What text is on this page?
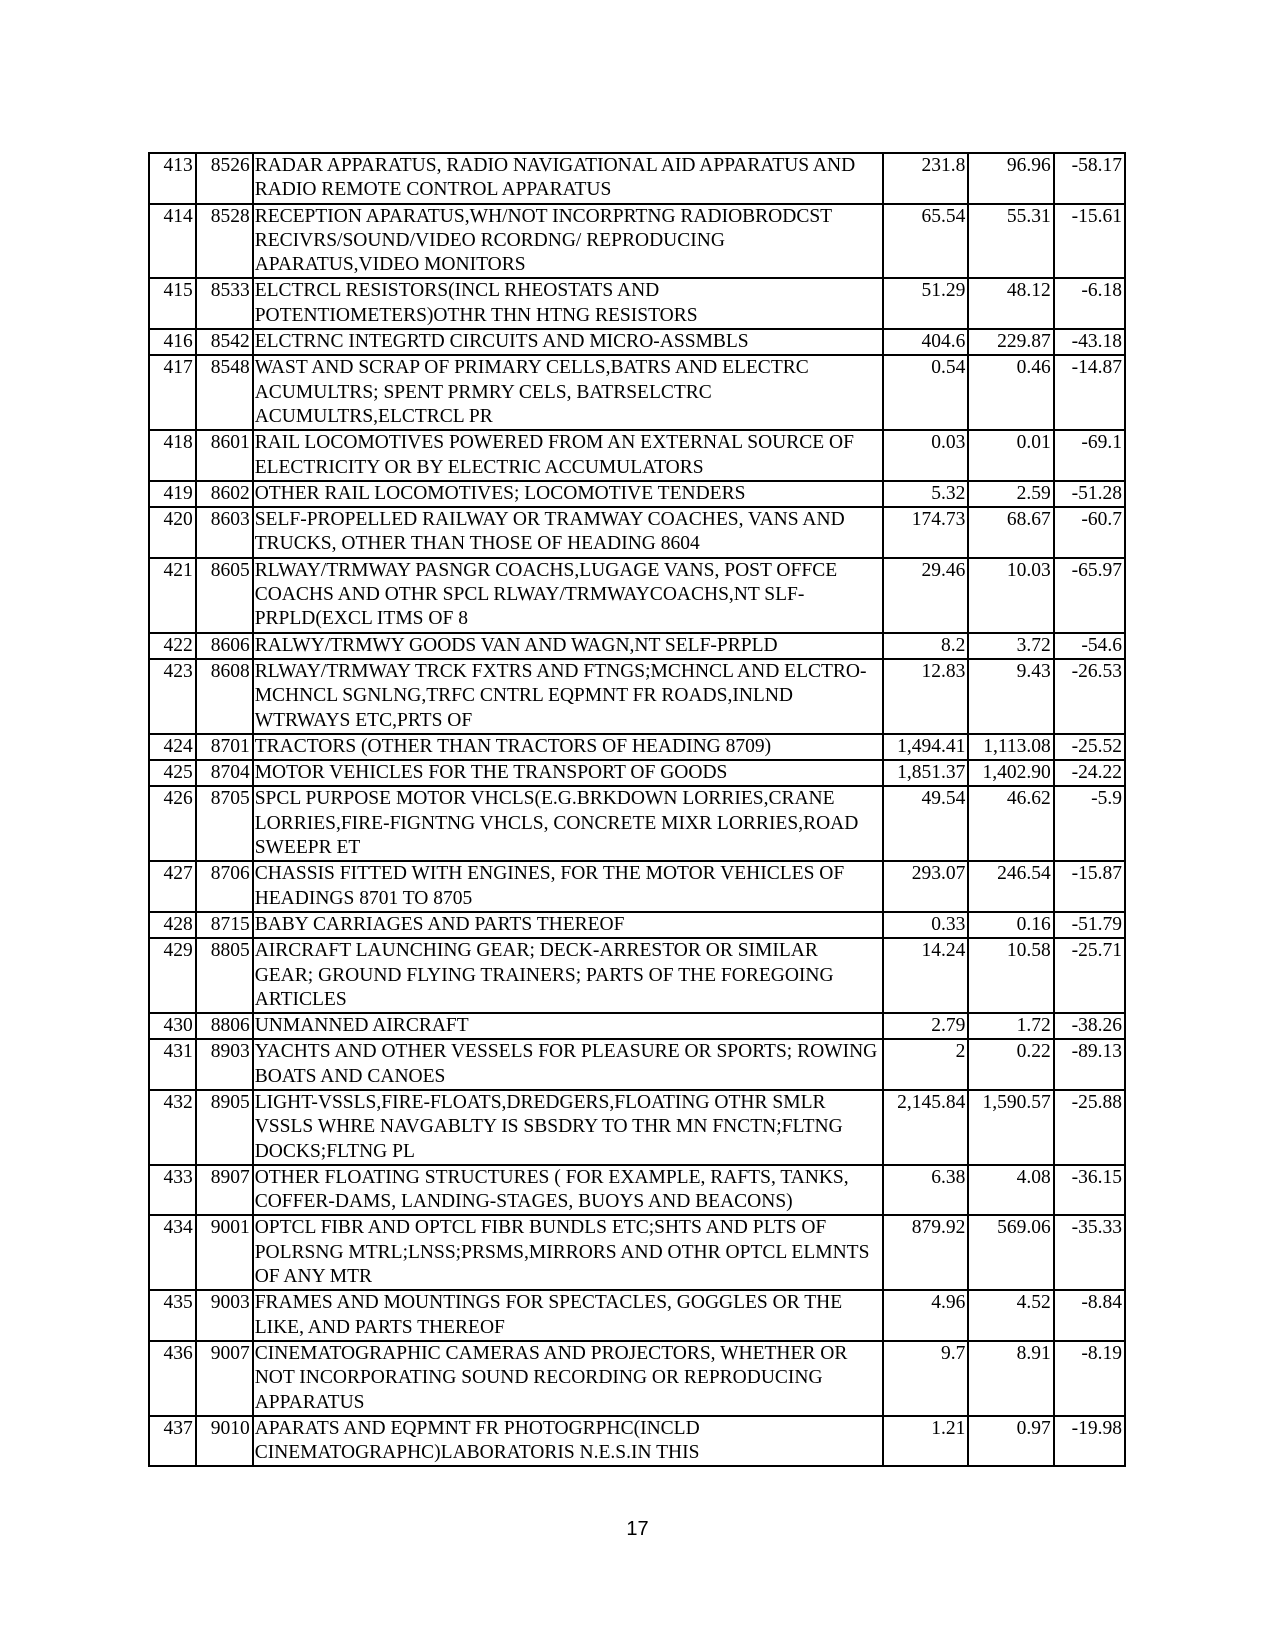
413	8526	RADAR APPARATUS, RADIO NAVIGATIONAL AID APPARATUS AND RADIO REMOTE CONTROL APPARATUS	231.8	96.96	-58.17
414	8528	RECEPTION APARATUS,WH/NOT INCORPRTNG RADIOBRODCST RECIVRS/SOUND/VIDEO RCORDNG/ REPRODUCING APARATUS,VIDEO MONITORS	65.54	55.31	-15.61
415	8533	ELCTRCL RESISTORS(INCL RHEOSTATS AND POTENTIOMETERS)OTHR THN HTNG RESISTORS	51.29	48.12	-6.18
416	8542	ELCTRNC INTEGRTD CIRCUITS AND MICRO-ASSMBLS	404.6	229.87	-43.18
417	8548	WAST AND SCRAP OF PRIMARY CELLS,BATRS AND ELECTRC ACUMULTRS; SPENT PRMRY CELS, BATRSELCTRC ACUMULTRS,ELCTRCL PR	0.54	0.46	-14.87
418	8601	RAIL LOCOMOTIVES POWERED FROM AN EXTERNAL SOURCE OF ELECTRICITY OR BY ELECTRIC ACCUMULATORS	0.03	0.01	-69.1
419	8602	OTHER RAIL LOCOMOTIVES; LOCOMOTIVE TENDERS	5.32	2.59	-51.28
420	8603	SELF-PROPELLED RAILWAY OR TRAMWAY COACHES, VANS AND TRUCKS, OTHER THAN THOSE OF HEADING 8604	174.73	68.67	-60.7
421	8605	RLWAY/TRMWAY PASNGR COACHS,LUGAGE VANS, POST OFFCE COACHS AND OTHR SPCL RLWAY/TRMWAYCOACHS,NT SLF-PRPLD(EXCL ITMS OF 8	29.46	10.03	-65.97
422	8606	RALWY/TRMWY GOODS VAN AND WAGN,NT SELF-PRPLD	8.2	3.72	-54.6
423	8608	RLWAY/TRMWAY TRCK FXTRS AND FTNGS;MCHNCL AND ELCTRO-MCHNCL SGNLNG,TRFC CNTRL EQPMNT FR ROADS,INLND WTRWAYS ETC,PRTS OF	12.83	9.43	-26.53
424	8701	TRACTORS (OTHER THAN TRACTORS OF HEADING 8709)	1,494.41	1,113.08	-25.52
425	8704	MOTOR VEHICLES FOR THE TRANSPORT OF GOODS	1,851.37	1,402.90	-24.22
426	8705	SPCL PURPOSE MOTOR VHCLS(E.G.BRKDOWN LORRIES,CRANE LORRIES,FIRE-FIGNTNG VHCLS, CONCRETE MIXR LORRIES,ROAD SWEEPR ET	49.54	46.62	-5.9
427	8706	CHASSIS FITTED WITH ENGINES, FOR THE MOTOR VEHICLES OF HEADINGS 8701 TO 8705	293.07	246.54	-15.87
428	8715	BABY CARRIAGES AND PARTS THEREOF	0.33	0.16	-51.79
429	8805	AIRCRAFT LAUNCHING GEAR; DECK-ARRESTOR OR SIMILAR GEAR; GROUND FLYING TRAINERS; PARTS OF THE FOREGOING ARTICLES	14.24	10.58	-25.71
430	8806	UNMANNED AIRCRAFT	2.79	1.72	-38.26
431	8903	YACHTS AND OTHER VESSELS FOR PLEASURE OR SPORTS; ROWING BOATS AND CANOES	2	0.22	-89.13
432	8905	LIGHT-VSSLS,FIRE-FLOATS,DREDGERS,FLOATING OTHR SMLR VSSLS WHRE NAVGABLTY IS SBSDRY TO THR MN FNCTN;FLTNG DOCKS;FLTNG PL	2,145.84	1,590.57	-25.88
433	8907	OTHER FLOATING STRUCTURES ( FOR EXAMPLE, RAFTS, TANKS, COFFER-DAMS, LANDING-STAGES, BUOYS AND BEACONS)	6.38	4.08	-36.15
434	9001	OPTCL FIBR AND OPTCL FIBR BUNDLS ETC;SHTS AND PLTS OF POLRSNG MTRL;LNSS;PRSMS,MIRRORS AND OTHR OPTCL ELMNTS OF ANY MTR	879.92	569.06	-35.33
435	9003	FRAMES AND MOUNTINGS FOR SPECTACLES, GOGGLES OR THE LIKE, AND PARTS THEREOF	4.96	4.52	-8.84
436	9007	CINEMATOGRAPHIC CAMERAS AND PROJECTORS, WHETHER OR NOT INCORPORATING SOUND RECORDING OR REPRODUCING APPARATUS	9.7	8.91	-8.19
437	9010	APARATS AND EQPMNT FR PHOTOGRPHC(INCLD CINEMATOGRAPHC)LABORATORIS N.E.S.IN THIS	1.21	0.97	-19.98
17
